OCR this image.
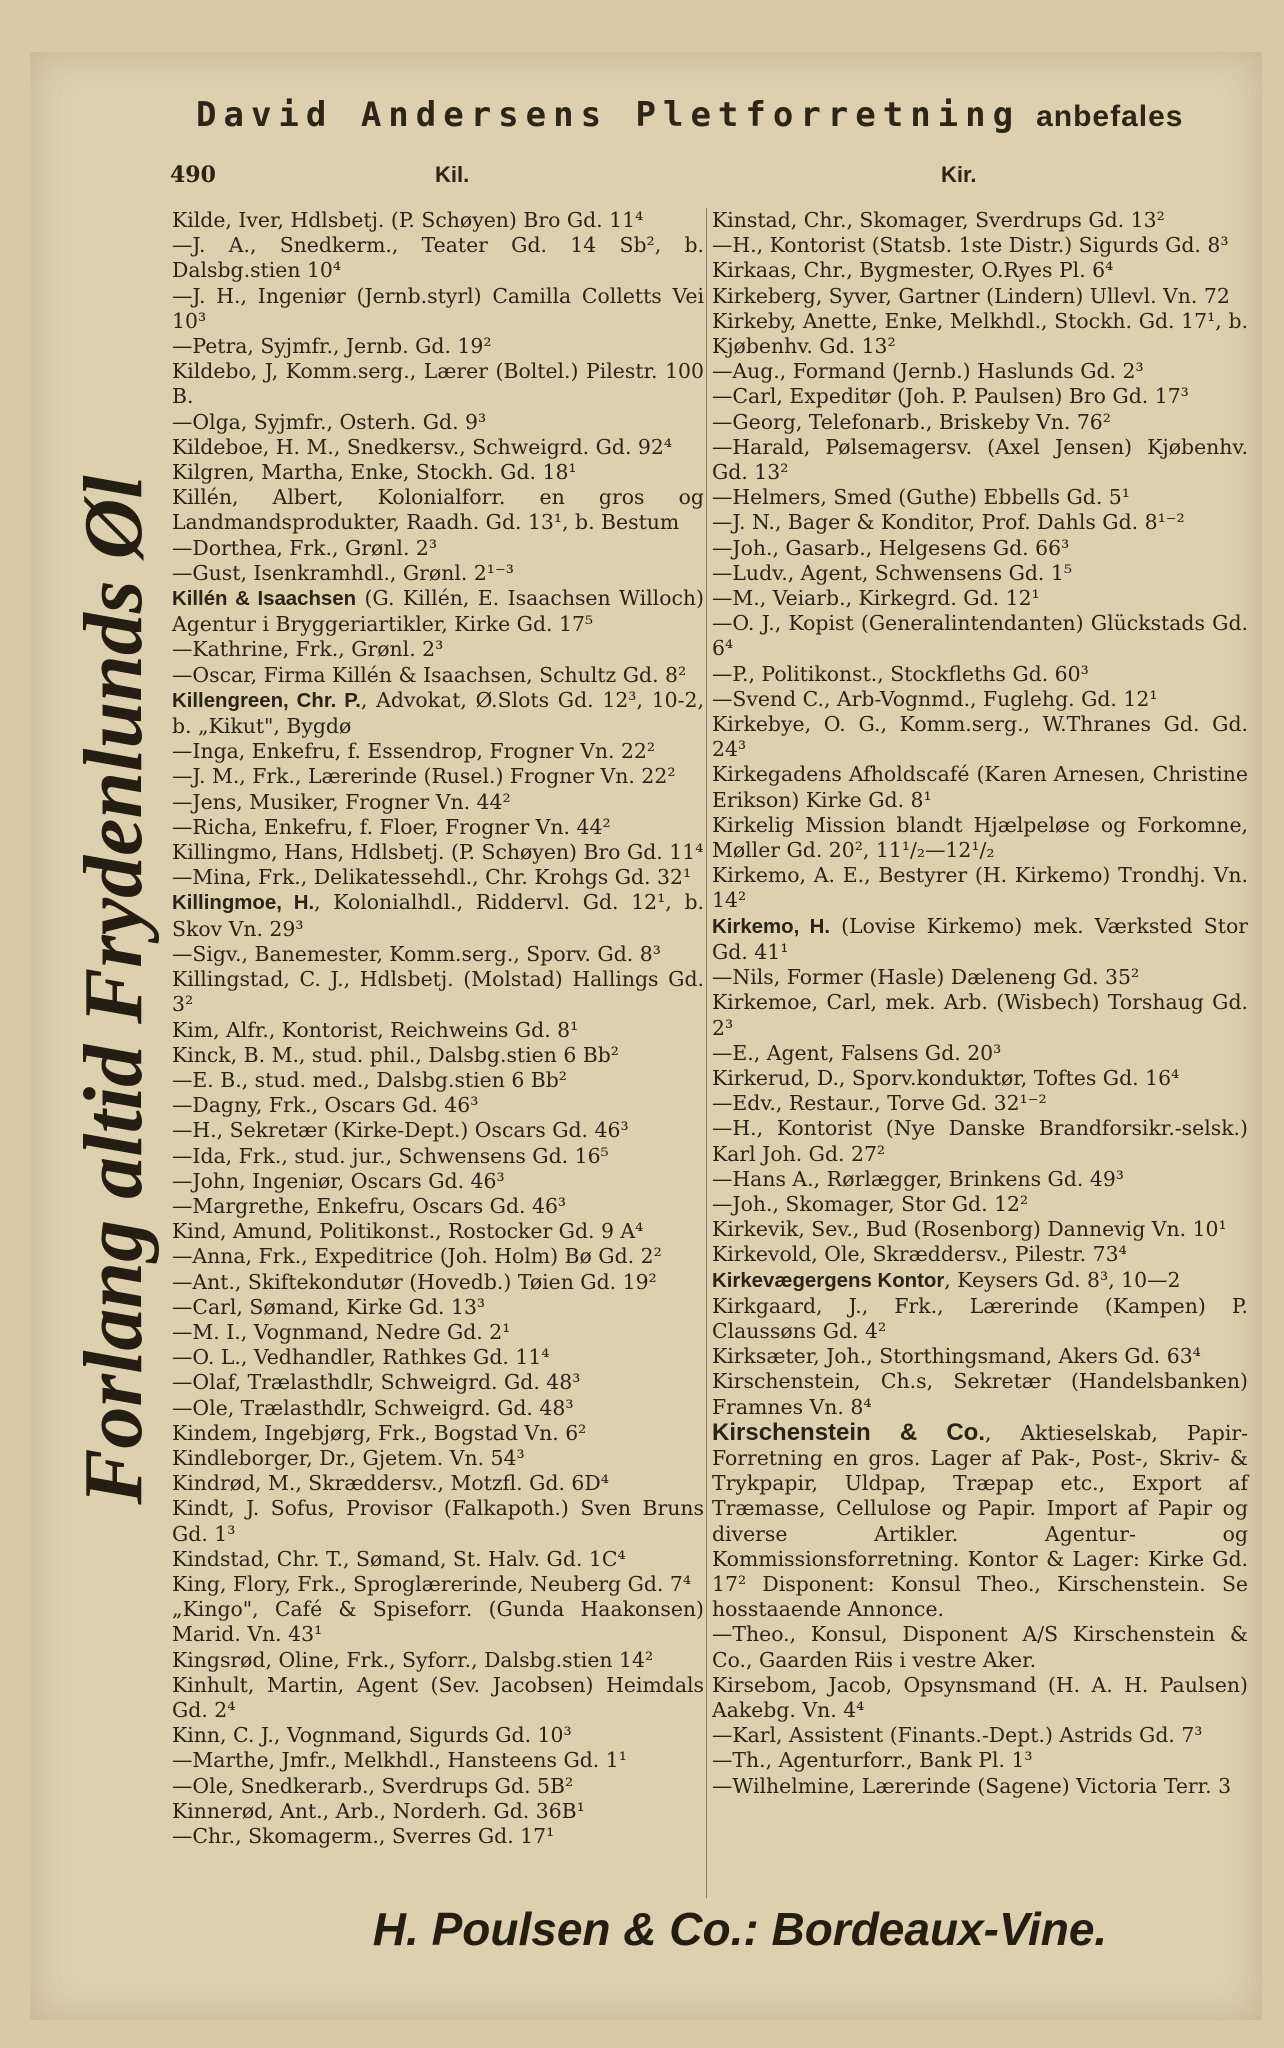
David Andersens Pletforretning anbefales
490	Kil.	Kir.
Forlang altid Frydenlunds Øl
Kilde, Iver, Hdlsbetj. (P. Schøyen) Bro Gd. 11⁴
—J. A., Snedkerm., Teater Gd. 14 Sb², b. Dalsbg.stien 10⁴
—J. H., Ingeniør (Jernb.styrl) Camilla Colletts Vei 10³
—Petra, Syjmfr., Jernb. Gd. 19²
Kildebo, J, Komm.serg., Lærer (Boltel.) Pilestr. 100 B.
—Olga, Syjmfr., Osterh. Gd. 9³
Kildeboe, H. M., Snedkersv., Schweigrd. Gd. 92⁴
Kilgren, Martha, Enke, Stockh. Gd. 18¹
Killén, Albert, Kolonialforr. en gros og Landmandsprodukter, Raadh. Gd. 13¹, b. Bestum
—Dorthea, Frk., Grønl. 2³
—Gust, Isenkramhdl., Grønl. 2¹⁻³
Killén & Isaachsen (G. Killén, E. Isaachsen Willoch) Agentur i Bryggeriartikler, Kirke Gd. 17⁵
—Kathrine, Frk., Grønl. 2³
—Oscar, Firma Killén & Isaachsen, Schultz Gd. 8²
Killengreen, Chr. P., Advokat, Ø.Slots Gd. 12³, 10-2, b. „Kikut", Bygdø
—Inga, Enkefru, f. Essendrop, Frogner Vn. 22²
—J. M., Frk., Lærerinde (Rusel.) Frogner Vn. 22²
—Jens, Musiker, Frogner Vn. 44²
—Richa, Enkefru, f. Floer, Frogner Vn. 44²
Killingmo, Hans, Hdlsbetj. (P. Schøyen) Bro Gd. 11⁴
—Mina, Frk., Delikatessehdl., Chr. Krohgs Gd. 32¹
Killingmoe, H., Kolonialhdl., Riddervl. Gd. 12¹, b. Skov Vn. 29³
—Sigv., Banemester, Komm.serg., Sporv. Gd. 8³
Killingstad, C. J., Hdlsbetj. (Molstad) Hallings Gd. 3²
Kim, Alfr., Kontorist, Reichweins Gd. 8¹
Kinck, B. M., stud. phil., Dalsbg.stien 6 Bb²
—E. B., stud. med., Dalsbg.stien 6 Bb²
—Dagny, Frk., Oscars Gd. 46³
—H., Sekretær (Kirke-Dept.) Oscars Gd. 46³
—Ida, Frk., stud. jur., Schwensens Gd. 16⁵
—John, Ingeniør, Oscars Gd. 46³
—Margrethe, Enkefru, Oscars Gd. 46³
Kind, Amund, Politikonst., Rostocker Gd. 9 A⁴
—Anna, Frk., Expeditrice (Joh. Holm) Bø Gd. 2²
—Ant., Skiftekondutør (Hovedb.) Tøien Gd. 19²
—Carl, Sømand, Kirke Gd. 13³
—M. I., Vognmand, Nedre Gd. 2¹
—O. L., Vedhandler, Rathkes Gd. 11⁴
—Olaf, Trælasthdlr, Schweigrd. Gd. 48³
—Ole, Trælasthdlr, Schweigrd. Gd. 48³
Kindem, Ingebjørg, Frk., Bogstad Vn. 6²
Kindleborger, Dr., Gjetem. Vn. 54³
Kindrød, M., Skræddersv., Motzfl. Gd. 6D⁴
Kindt, J. Sofus, Provisor (Falkapoth.) Sven Bruns Gd. 1³
Kindstad, Chr. T., Sømand, St. Halv. Gd. 1C⁴
King, Flory, Frk., Sproglærerinde, Neuberg Gd. 7⁴
„Kingo", Café & Spiseforr. (Gunda Haakonsen) Marid. Vn. 43¹
Kingsrød, Oline, Frk., Syforr., Dalsbg.stien 14²
Kinhult, Martin, Agent (Sev. Jacobsen) Heimdals Gd. 2⁴
Kinn, C. J., Vognmand, Sigurds Gd. 10³
—Marthe, Jmfr., Melkhdl., Hansteens Gd. 1¹
—Ole, Snedkerarb., Sverdrups Gd. 5B²
Kinnerød, Ant., Arb., Norderh. Gd. 36B¹
—Chr., Skomagerm., Sverres Gd. 17¹
Kinstad, Chr., Skomager, Sverdrups Gd. 13²
—H., Kontorist (Statsb. 1ste Distr.) Sigurds Gd. 8³
Kirkaas, Chr., Bygmester, O.Ryes Pl. 6⁴
Kirkeberg, Syver, Gartner (Lindern) Ullevl. Vn. 72
Kirkeby, Anette, Enke, Melkhdl., Stockh. Gd. 17¹, b. Kjøbenhv. Gd. 13²
—Aug., Formand (Jernb.) Haslunds Gd. 2³
—Carl, Expeditør (Joh. P. Paulsen) Bro Gd. 17³
—Georg, Telefonarb., Briskeby Vn. 76²
—Harald, Pølsemagersv. (Axel Jensen) Kjøbenhv. Gd. 13²
—Helmers, Smed (Guthe) Ebbells Gd. 5¹
—J. N., Bager & Konditor, Prof. Dahls Gd. 8¹⁻²
—Joh., Gasarb., Helgesens Gd. 66³
—Ludv., Agent, Schwensens Gd. 1⁵
—M., Veiarb., Kirkegrd. Gd. 12¹
—O. J., Kopist (Generalintendanten) Glückstads Gd. 6⁴
—P., Politikonst., Stockfleths Gd. 60³
—Svend C., Arb-Vognmd., Fuglehg. Gd. 12¹
Kirkebye, O. G., Komm.serg., W.Thranes Gd. Gd. 24³
Kirkegadens Afholdscafé (Karen Arnesen, Christine Erikson) Kirke Gd. 8¹
Kirkelig Mission blandt Hjælpeløse og Forkomne, Møller Gd. 20², 11¹/₂—12¹/₂
Kirkemo, A. E., Bestyrer (H. Kirkemo) Trondhj. Vn. 14²
Kirkemo, H. (Lovise Kirkemo) mek. Værksted Stor Gd. 41¹
—Nils, Former (Hasle) Dæleneng Gd. 35²
Kirkemoe, Carl, mek. Arb. (Wisbech) Torshaug Gd. 2³
—E., Agent, Falsens Gd. 20³
Kirkerud, D., Sporv.konduktør, Toftes Gd. 16⁴
—Edv., Restaur., Torve Gd. 32¹⁻²
—H., Kontorist (Nye Danske Brandforsikr.-selsk.) Karl Joh. Gd. 27²
—Hans A., Rørlægger, Brinkens Gd. 49³
—Joh., Skomager, Stor Gd. 12²
Kirkevik, Sev., Bud (Rosenborg) Dannevig Vn. 10¹
Kirkevold, Ole, Skræddersv., Pilestr. 73⁴
Kirkevægergens Kontor, Keysers Gd. 8³, 10—2
Kirkgaard, J., Frk., Lærerinde (Kampen) P. Claussøns Gd. 4²
Kirksæter, Joh., Storthingsmand, Akers Gd. 63⁴
Kirschenstein, Ch.s, Sekretær (Handelsbanken) Framnes Vn. 8⁴
Kirschenstein & Co., Aktieselskab, Papir-Forretning en gros. Lager af Pak-, Post-, Skriv- & Trykpapir, Uldpap, Træpap etc., Export af Træmasse, Cellulose og Papir. Import af Papir og diverse Artikler. Agentur- og Kommissionsforretning. Kontor & Lager: Kirke Gd. 17² Disponent: Konsul Theo., Kirschenstein. Se hosstaaende Annonce.
—Theo., Konsul, Disponent A/S Kirschenstein & Co., Gaarden Riis i vestre Aker.
Kirsebom, Jacob, Opsynsmand (H. A. H. Paulsen) Aakebg. Vn. 4⁴
—Karl, Assistent (Finants.-Dept.) Astrids Gd. 7³
—Th., Agenturforr., Bank Pl. 1³
—Wilhelmine, Lærerinde (Sagene) Victoria Terr. 3
H. Poulsen & Co.: Bordeaux-Vine.
